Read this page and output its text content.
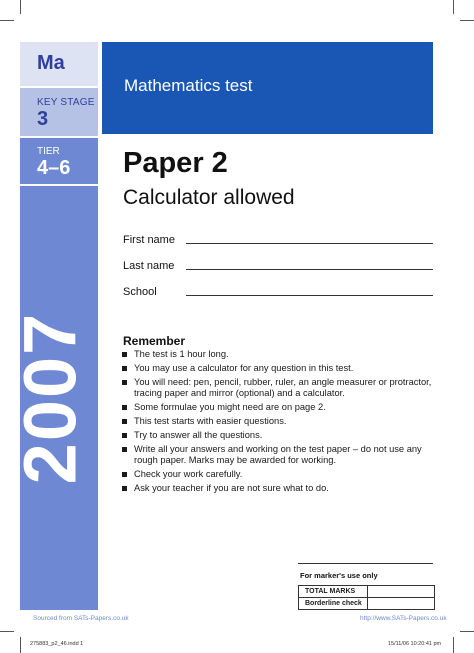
Ma
KEY STAGE
3
TIER
4–6
2007
Mathematics test
Paper 2
Calculator allowed
First name
Last name
School
Remember
The test is 1 hour long.
You may use a calculator for any question in this test.
You will need: pen, pencil, rubber, ruler, an angle measurer or protractor, tracing paper and mirror (optional) and a calculator.
Some formulae you might need are on page 2.
This test starts with easier questions.
Try to answer all the questions.
Write all your answers and working on the test paper – do not use any rough paper. Marks may be awarded for working.
Check your work carefully.
Ask your teacher if you are not sure what to do.
For marker's use only
TOTAL MARKS	
Borderline check	
Sourced from SATs-Papers.co.uk	http://www.SATs-Papers.co.uk
275883_p2_46.indd 1	15/11/06 10:20:41 pm
